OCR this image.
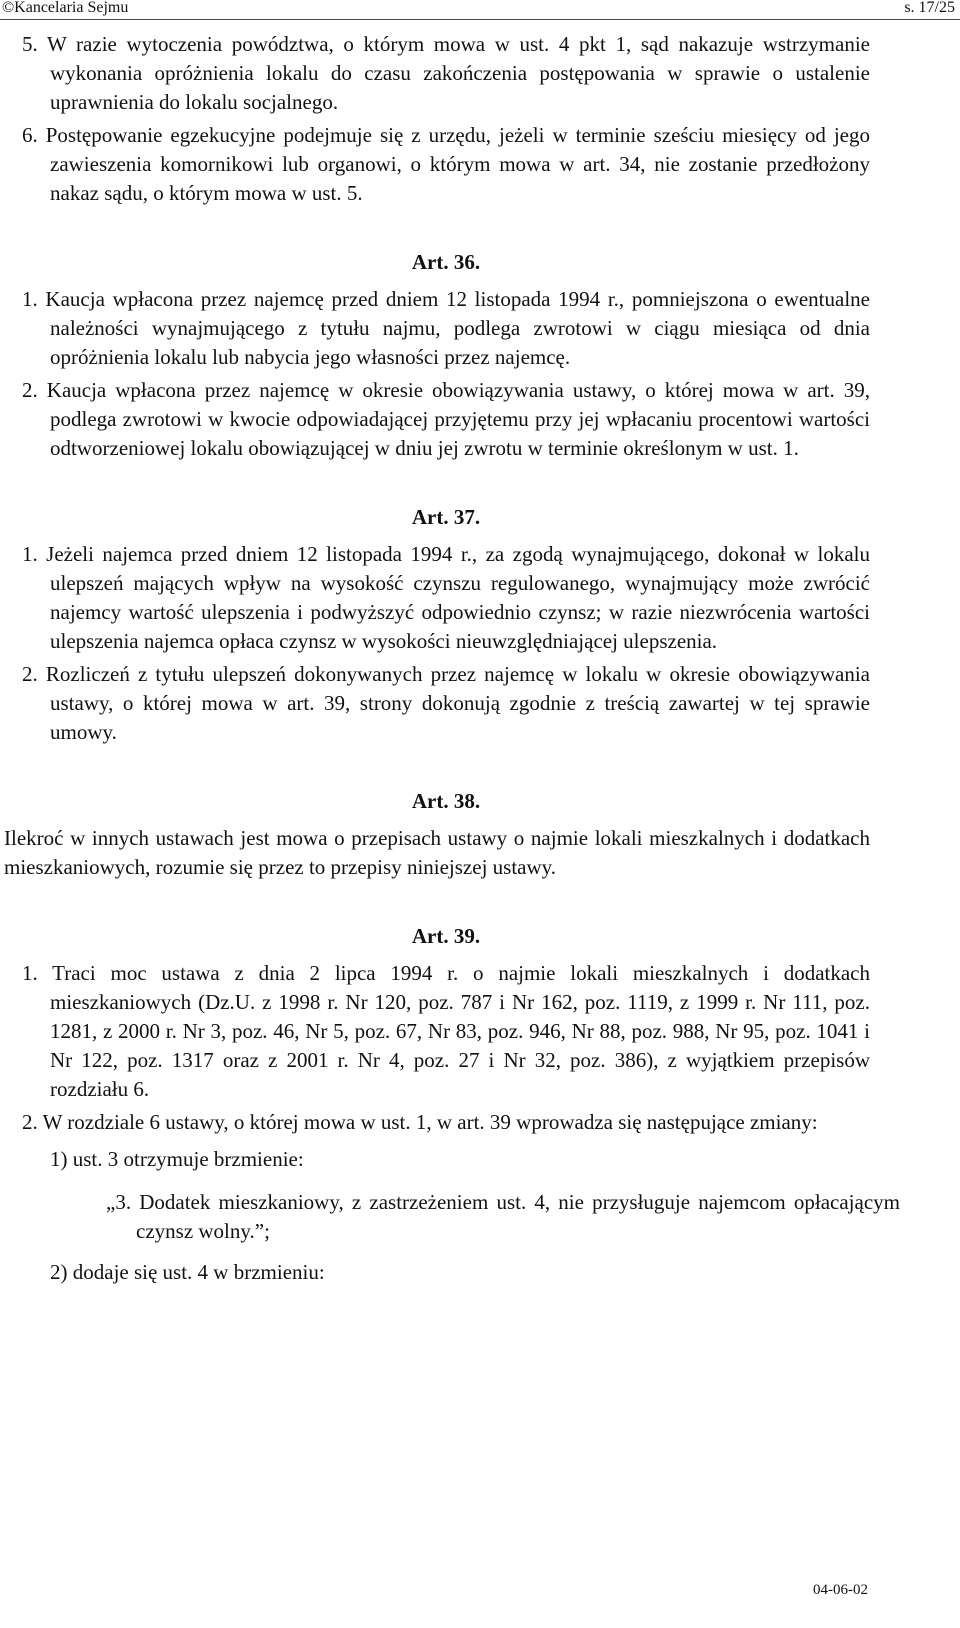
©Kancelaria Sejmu	s. 17/25

5. W razie wytoczenia powództwa, o którym mowa w ust. 4 pkt 1, sąd nakazuje wstrzymanie wykonania opróżnienia lokalu do czasu zakończenia postępowania w sprawie o ustalenie uprawnienia do lokalu socjalnego.

6. Postępowanie egzekucyjne podejmuje się z urzędu, jeżeli w terminie sześciu miesięcy od jego zawieszenia komornikowi lub organowi, o którym mowa w art. 34, nie zostanie przedłożony nakaz sądu, o którym mowa w ust. 5.

Art. 36.

1. Kaucja wpłacona przez najemcę przed dniem 12 listopada 1994 r., pomniejszona o ewentualne należności wynajmującego z tytułu najmu, podlega zwrotowi w ciągu miesiąca od dnia opróżnienia lokalu lub nabycia jego własności przez najemcę.

2. Kaucja wpłacona przez najemcę w okresie obowiązywania ustawy, o której mowa w art. 39, podlega zwrotowi w kwocie odpowiadającej przyjętemu przy jej wpłacaniu procentowi wartości odtworzeniowej lokalu obowiązującej w dniu jej zwrotu w terminie określonym w ust. 1.

Art. 37.

1. Jeżeli najemca przed dniem 12 listopada 1994 r., za zgodą wynajmującego, dokonał w lokalu ulepszeń mających wpływ na wysokość czynszu regulowanego, wynajmujący może zwrócić najemcy wartość ulepszenia i podwyższyć odpowiednio czynsz; w razie niezwrócenia wartości ulepszenia najemca opłaca czynsz w wysokości nieuwzględniającej ulepszenia.

2. Rozliczeń z tytułu ulepszeń dokonywanych przez najemcę w lokalu w okresie obowiązywania ustawy, o której mowa w art. 39, strony dokonują zgodnie z treścią zawartej w tej sprawie umowy.

Art. 38.

Ilekroć w innych ustawach jest mowa o przepisach ustawy o najmie lokali mieszkalnych i dodatkach mieszkaniowych, rozumie się przez to przepisy niniejszej ustawy.

Art. 39.

1. Traci moc ustawa z dnia 2 lipca 1994 r. o najmie lokali mieszkalnych i dodatkach mieszkaniowych (Dz.U. z 1998 r. Nr 120, poz. 787 i Nr 162, poz. 1119, z 1999 r. Nr 111, poz. 1281, z 2000 r. Nr 3, poz. 46, Nr 5, poz. 67, Nr 83, poz. 946, Nr 88, poz. 988, Nr 95, poz. 1041 i Nr 122, poz. 1317 oraz z 2001 r. Nr 4, poz. 27 i Nr 32, poz. 386), z wyjątkiem przepisów rozdziału 6.

2. W rozdziale 6 ustawy, o której mowa w ust. 1, w art. 39 wprowadza się następujące zmiany:

1) ust. 3 otrzymuje brzmienie:

„3. Dodatek mieszkaniowy, z zastrzeżeniem ust. 4, nie przysługuje najemcom opłacającym czynsz wolny.”;

2) dodaje się ust. 4 w brzmieniu:

04-06-02
